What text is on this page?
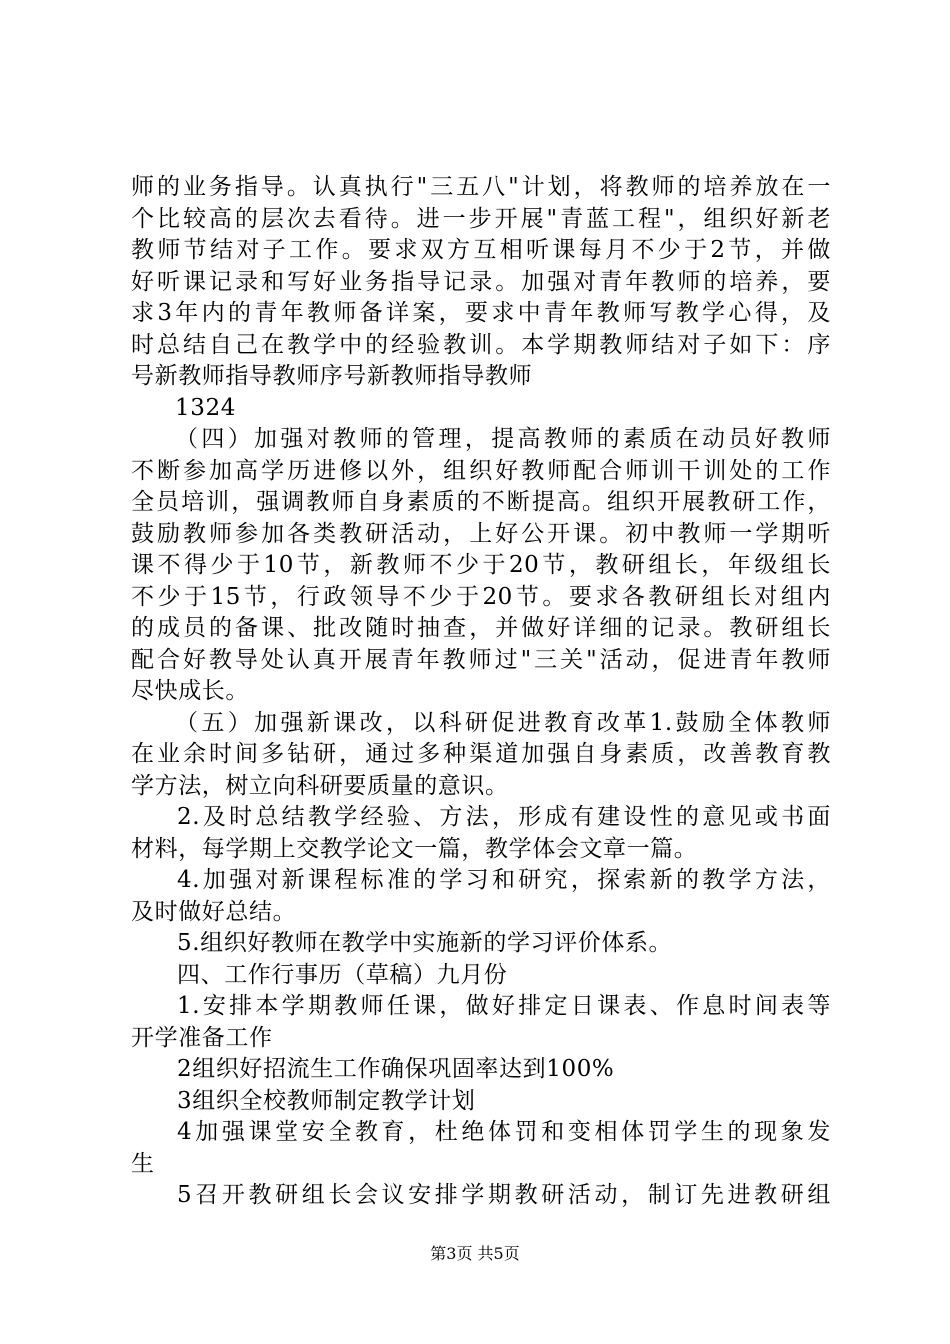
师的业务指导。认真执行"三五八"计划，将教师的培养放在一
个比较高的层次去看待。进一步开展"青蓝工程"，组织好新老
教师节结对子工作。要求双方互相听课每月不少于2节，并做
好听课记录和写好业务指导记录。加强对青年教师的培养，要
求3年内的青年教师备详案，要求中青年教师写教学心得，及
时总结自己在教学中的经验教训。本学期教师结对子如下：序
号新教师指导教师序号新教师指导教师
1324
（四）加强对教师的管理，提高教师的素质在动员好教师
不断参加高学历进修以外，组织好教师配合师训干训处的工作
全员培训，强调教师自身素质的不断提高。组织开展教研工作，
鼓励教师参加各类教研活动，上好公开课。初中教师一学期听
课不得少于10节，新教师不少于20节，教研组长，年级组长
不少于15节，行政领导不少于20节。要求各教研组长对组内
的成员的备课、批改随时抽查，并做好详细的记录。教研组长
配合好教导处认真开展青年教师过"三关"活动，促进青年教师
尽快成长。
（五）加强新课改，以科研促进教育改革1.鼓励全体教师
在业余时间多钻研，通过多种渠道加强自身素质，改善教育教
学方法，树立向科研要质量的意识。
2.及时总结教学经验、方法，形成有建设性的意见或书面
材料，每学期上交教学论文一篇，教学体会文章一篇。
4.加强对新课程标准的学习和研究，探索新的教学方法，
及时做好总结。
5.组织好教师在教学中实施新的学习评价体系。
四、工作行事历（草稿）九月份
1.安排本学期教师任课，做好排定日课表、作息时间表等
开学准备工作
2组织好招流生工作确保巩固率达到100%
3组织全校教师制定教学计划
4加强课堂安全教育，杜绝体罚和变相体罚学生的现象发
生
5召开教研组长会议安排学期教研活动，制订先进教研组
第3页 共5页
